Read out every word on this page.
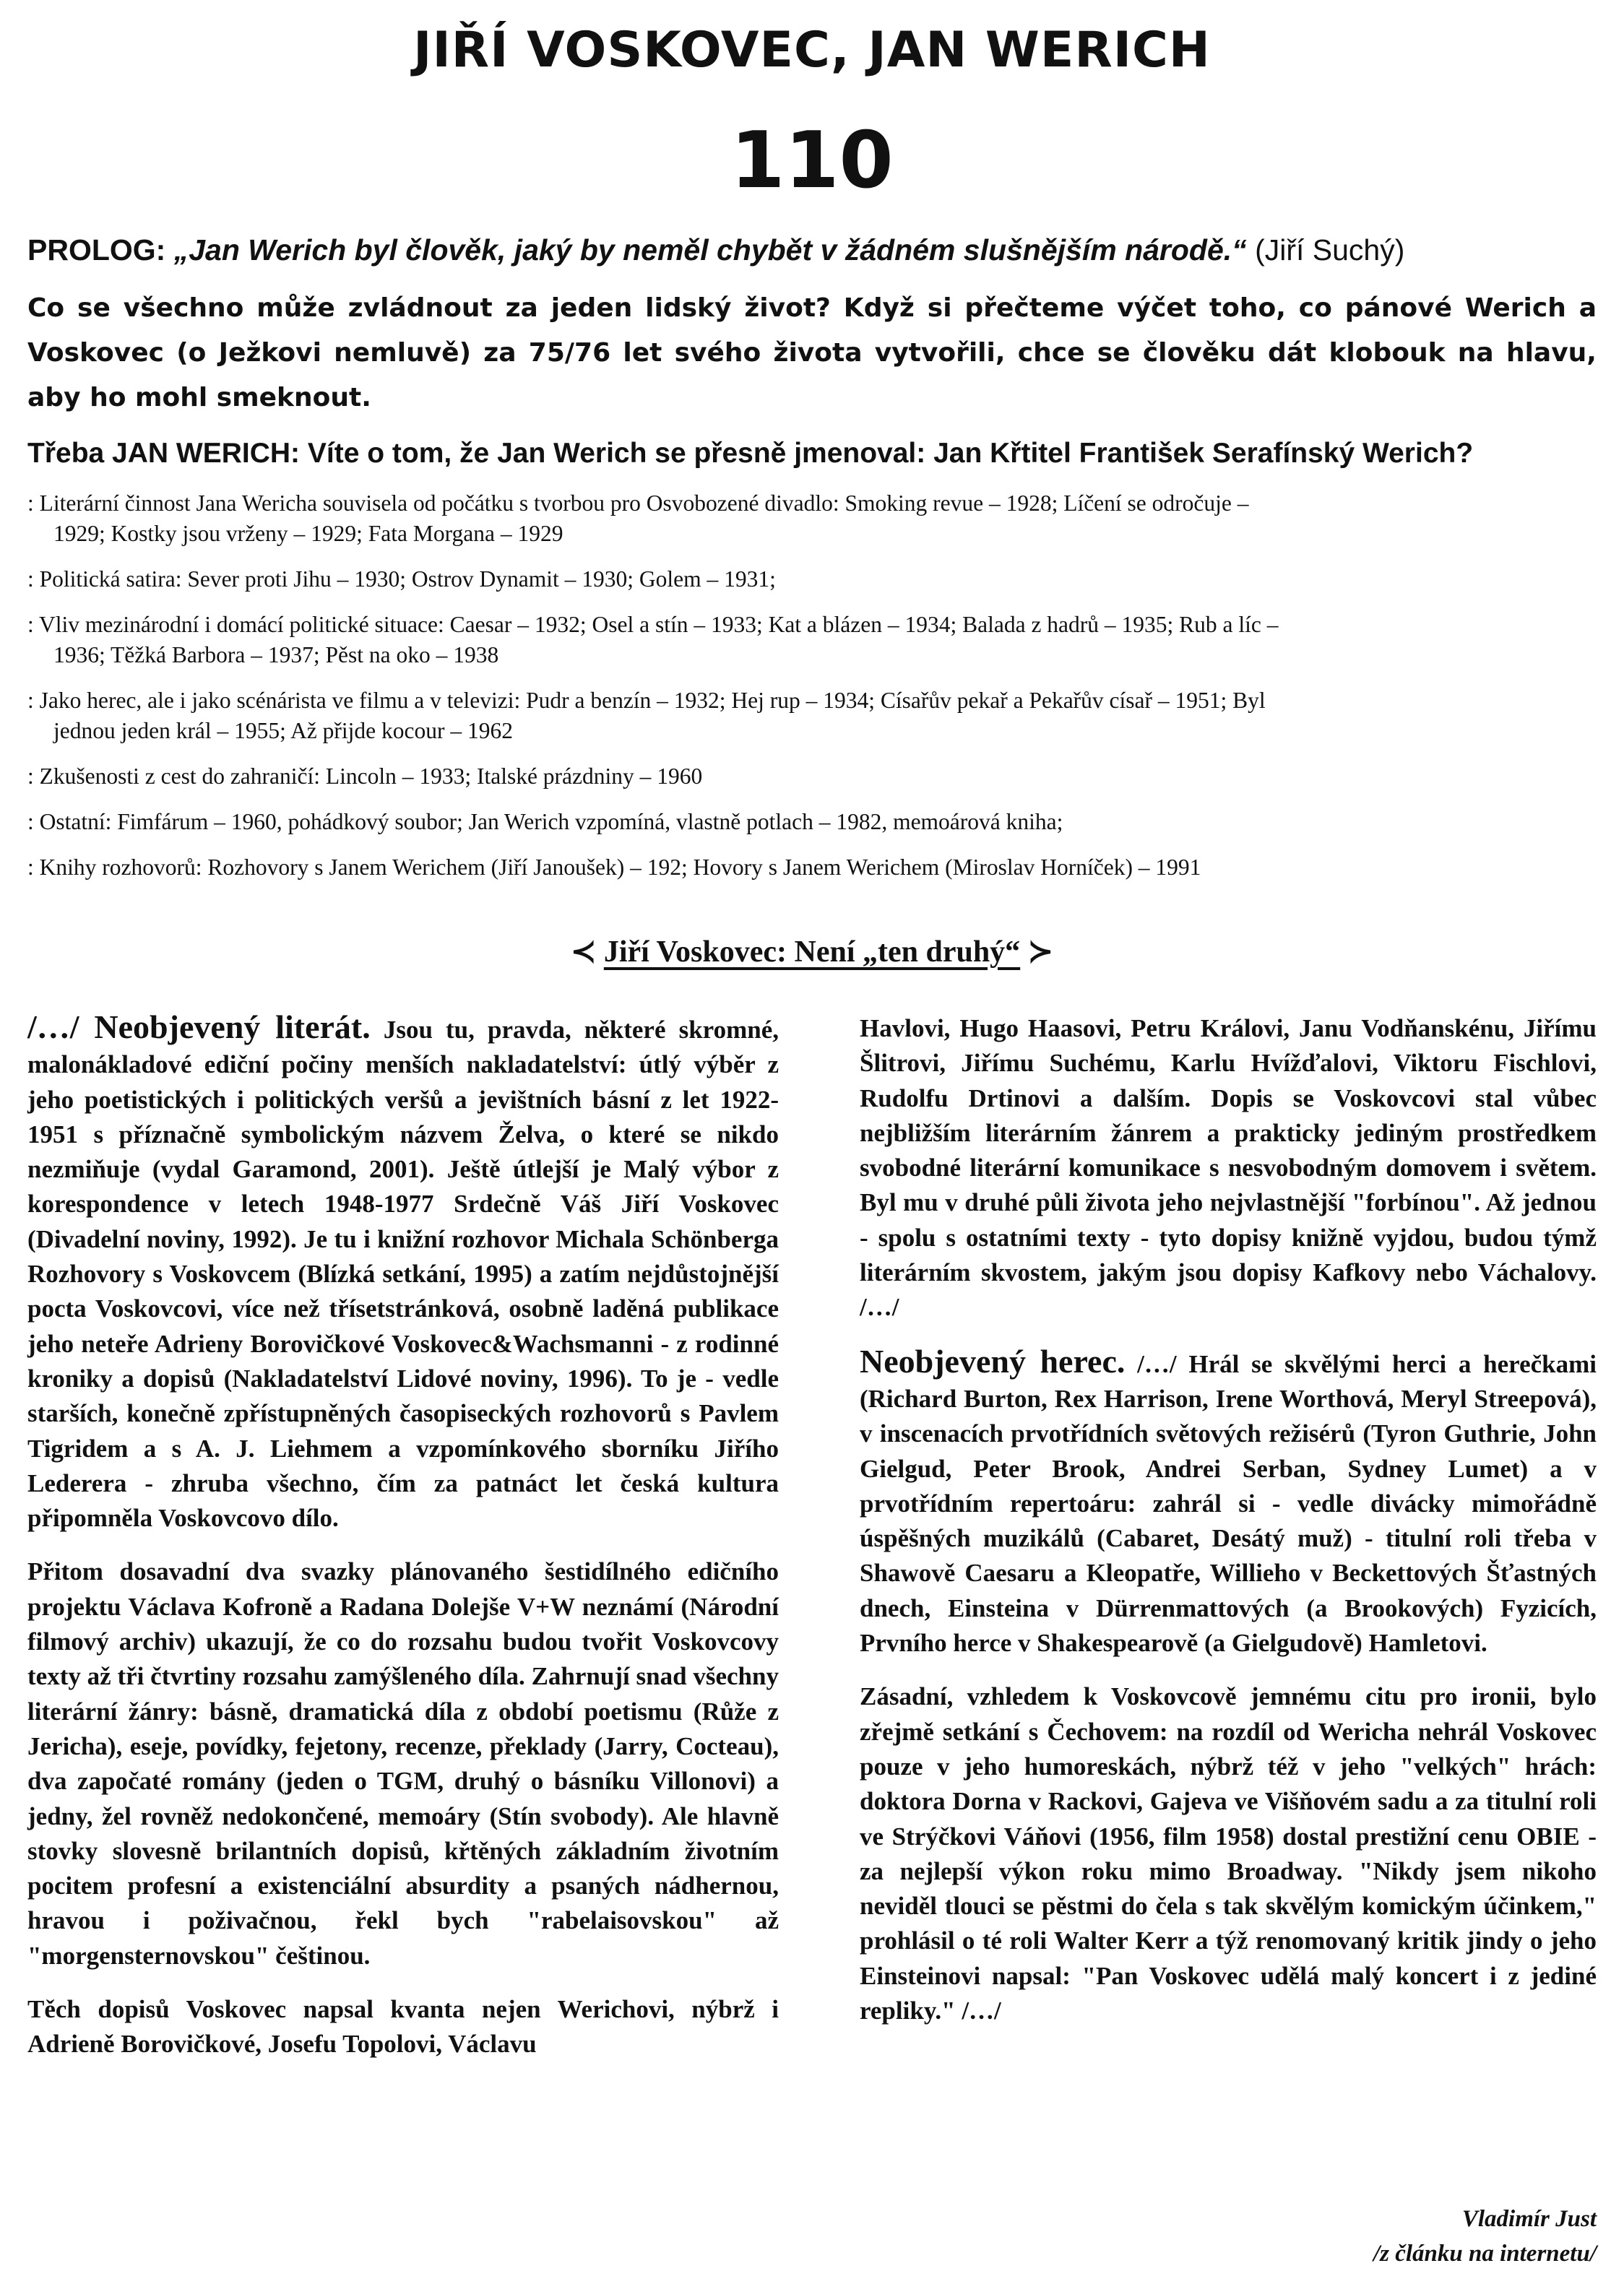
JIŘÍ VOSKOVEC, JAN WERICH
110
PROLOG: „Jan Werich byl člověk, jaký by neměl chybět v žádném slušnějším národě.“ (Jiří Suchý)
Co se všechno může zvládnout za jeden lidský život? Když si přečteme výčet toho, co pánové Werich a Voskovec (o Ježkovi nemluvě) za 75/76 let svého života vytvořili, chce se člověku dát klobouk na hlavu, aby ho mohl smeknout.
Třeba JAN WERICH: Víte o tom, že Jan Werich se přesně jmenoval: Jan Křtitel František Serafínský Werich?
: Literární činnost Jana Wericha souvisela od počátku s tvorbou pro Osvobozené divadlo: Smoking revue – 1928; Líčení se odročuje –
1929; Kostky jsou vrženy – 1929; Fata Morgana – 1929
: Politická satira: Sever proti Jihu – 1930; Ostrov Dynamit – 1930; Golem – 1931;
: Vliv mezinárodní i domácí politické situace: Caesar – 1932; Osel a stín – 1933; Kat a blázen – 1934; Balada z hadrů – 1935; Rub a líc –
1936; Těžká Barbora – 1937; Pěst na oko – 1938
: Jako herec, ale i jako scénárista ve filmu a v televizi: Pudr a benzín – 1932; Hej rup – 1934; Císařův pekař a Pekařův císař – 1951; Byl
jednou jeden král – 1955; Až přijde kocour – 1962
: Zkušenosti z cest do zahraničí: Lincoln – 1933; Italské prázdniny – 1960
: Ostatní: Fimfárum – 1960, pohádkový soubor; Jan Werich vzpomíná, vlastně potlach – 1982, memoárová kniha;
: Knihy rozhovorů: Rozhovory s Janem Werichem (Jiří Janoušek) – 192; Hovory s Janem Werichem (Miroslav Horníček) – 1991
≺ Jiří Voskovec: Není „ten druhý“ ≻

/…/ Neobjevený literát. Jsou tu, pravda, některé skromné, malonákladové ediční počiny menších nakladatelství: útlý výběr z jeho poetistických i politických veršů a jevištních básní z let 1922-1951 s příznačně symbolickým názvem Želva, o které se nikdo nezmiňuje (vydal Garamond, 2001). Ještě útlejší je Malý výbor z korespondence v letech 1948-1977 Srdečně Váš Jiří Voskovec (Divadelní noviny, 1992). Je tu i knižní rozhovor Michala Schönberga Rozhovory s Voskovcem (Blízká setkání, 1995) a zatím nejdůstojnější pocta Voskovcovi, více než třísetstránková, osobně laděná publikace jeho neteře Adrieny Borovičkové Voskovec&Wachsmanni - z rodinné kroniky a dopisů (Nakladatelství Lidové noviny, 1996). To je - vedle starších, konečně zpřístupněných časopiseckých rozhovorů s Pavlem Tigridem a s A. J. Liehmem a vzpomínkového sborníku Jiřího Lederera - zhruba všechno, čím za patnáct let česká kultura připomněla Voskovcovo dílo.

Přitom dosavadní dva svazky plánovaného šestidílného edičního projektu Václava Kofroně a Radana Dolejše V+W neznámí (Národní filmový archiv) ukazují, že co do rozsahu budou tvořit Voskovcovy texty až tři čtvrtiny rozsahu zamýšleného díla. Zahrnují snad všechny literární žánry: básně, dramatická díla z období poetismu (Růže z Jericha), eseje, povídky, fejetony, recenze, překlady (Jarry, Cocteau), dva započaté romány (jeden o TGM, druhý o básníku Villonovi) a jedny, žel rovněž nedokončené, memoáry (Stín svobody). Ale hlavně stovky slovesně brilantních dopisů, křtěných základním životním pocitem profesní a existenciální absurdity a psaných nádhernou, hravou i poživačnou, řekl bych "rabelaisovskou" až "morgensternovskou" češtinou.

Těch dopisů Voskovec napsal kvanta nejen Werichovi, nýbrž i Adrieně Borovičkové, Josefu Topolovi, Václavu

Havlovi, Hugo Haasovi, Petru Královi, Janu Vodňanskénu, Jiřímu Šlitrovi, Jiřímu Suchému, Karlu Hvížďalovi, Viktoru Fischlovi, Rudolfu Drtinovi a dalším. Dopis se Voskovcovi stal vůbec nejbližším literárním žánrem a prakticky jediným prostředkem svobodné literární komunikace s nesvobodným domovem i světem. Byl mu v druhé půli života jeho nejvlastnější "forbínou". Až jednou - spolu s ostatními texty - tyto dopisy knižně vyjdou, budou týmž literárním skvostem, jakým jsou dopisy Kafkovy nebo Váchalovy. /…/

Neobjevený herec. /…/ Hrál se skvělými herci a herečkami (Richard Burton, Rex Harrison, Irene Worthová, Meryl Streepová), v inscenacích prvotřídních světových režisérů (Tyron Guthrie, John Gielgud, Peter Brook, Andrei Serban, Sydney Lumet) a v prvotřídním repertoáru: zahrál si - vedle divácky mimořádně úspěšných muzikálů (Cabaret, Desátý muž) - titulní roli třeba v Shawově Caesaru a Kleopatře, Willieho v Beckettových Šťastných dnech, Einsteina v Dürrenmattových (a Brookových) Fyzicích, Prvního herce v Shakespearově (a Gielgudově) Hamletovi.

Zásadní, vzhledem k Voskovcově jemnému citu pro ironii, bylo zřejmě setkání s Čechovem: na rozdíl od Wericha nehrál Voskovec pouze v jeho humoreskách, nýbrž též v jeho "velkých" hrách: doktora Dorna v Rackovi, Gajeva ve Višňovém sadu a za titulní roli ve Strýčkovi Váňovi (1956, film 1958) dostal prestižní cenu OBIE - za nejlepší výkon roku mimo Broadway. "Nikdy jsem nikoho neviděl tlouci se pěstmi do čela s tak skvělým komickým účinkem," prohlásil o té roli Walter Kerr a týž renomovaný kritik jindy o jeho Einsteinovi napsal: "Pan Voskovec udělá malý koncert i z jediné repliky." /…/

Vladimír Just
/z článku na internetu/
